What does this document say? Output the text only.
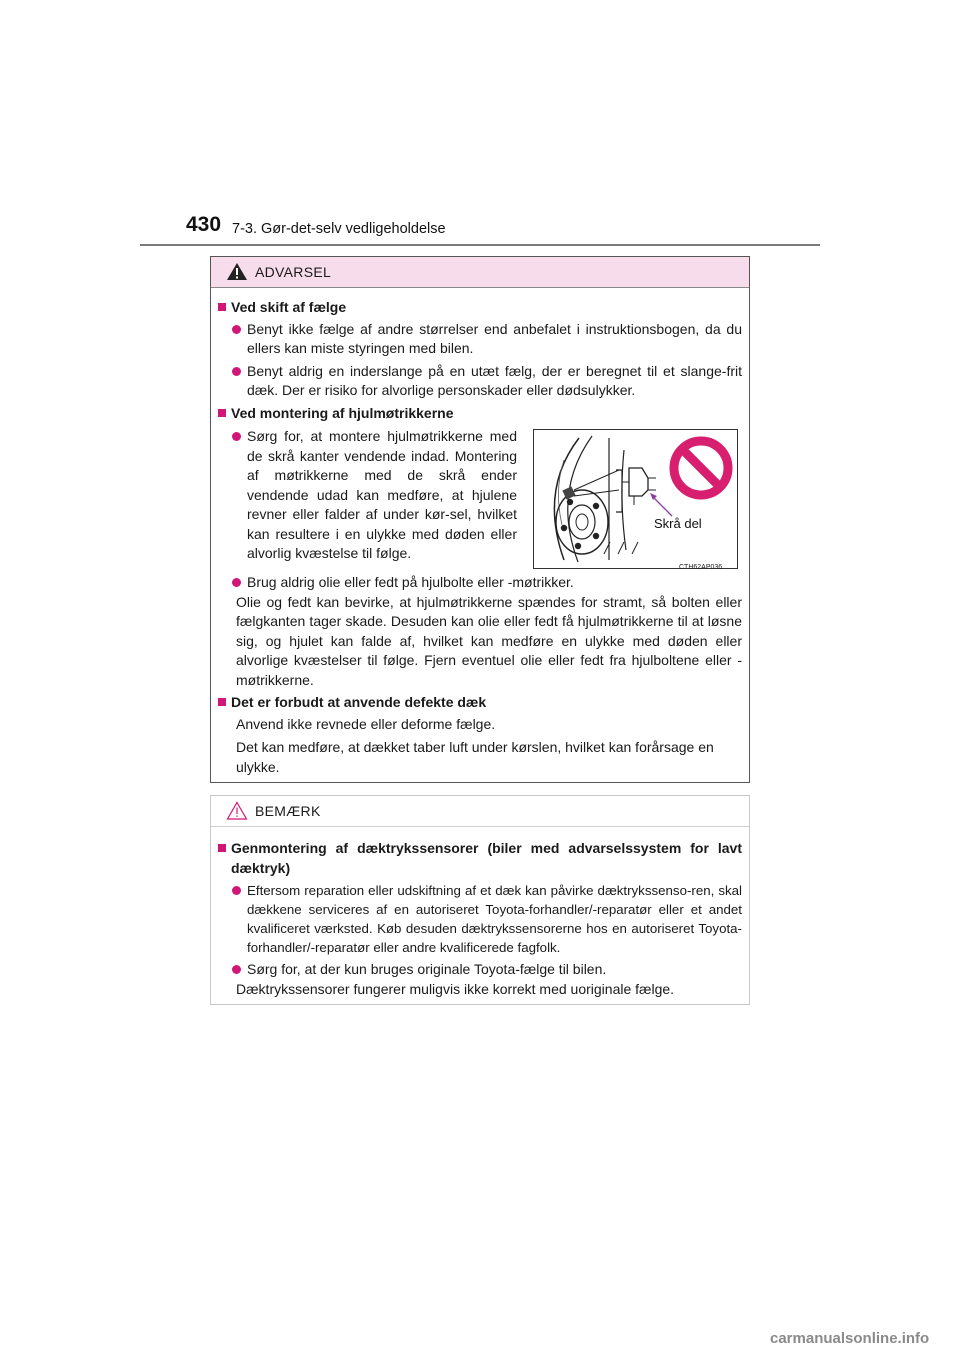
430 7-3. Gør-det-selv vedligeholdelse
ADVARSEL
Ved skift af fælge
Benyt ikke fælge af andre størrelser end anbefalet i instruktionsbogen, da du ellers kan miste styringen med bilen.
Benyt aldrig en inderslange på en utæt fælg, der er beregnet til et slange-frit dæk. Der er risiko for alvorlige personskader eller dødsulykker.
Ved montering af hjulmøtrikkerne
Sørg for, at montere hjulmøtrikkerne med de skrå kanter vendende indad. Montering af møtrikkerne med de skrå ender vendende udad kan medføre, at hjulene revner eller falder af under kør-sel, hvilket kan resultere i en ulykke med døden eller alvorlig kvæstelse til følge.
Skrå del
CTH62AP036
Brug aldrig olie eller fedt på hjulbolte eller -møtrikker.
Olie og fedt kan bevirke, at hjulmøtrikkerne spændes for stramt, så bolten eller fælgkanten tager skade. Desuden kan olie eller fedt få hjulmøtrikkerne til at løsne sig, og hjulet kan falde af, hvilket kan medføre en ulykke med døden eller alvorlige kvæstelser til følge. Fjern eventuel olie eller fedt fra hjulboltene eller -møtrikkerne.
Det er forbudt at anvende defekte dæk
Anvend ikke revnede eller deforme fælge.
Det kan medføre, at dækket taber luft under kørslen, hvilket kan forårsage en ulykke.
BEMÆRK
Genmontering af dæktrykssensorer (biler med advarselssystem for lavt dæktryk)
Eftersom reparation eller udskiftning af et dæk kan påvirke dæktrykssenso-ren, skal dækkene serviceres af en autoriseret Toyota-forhandler/-reparatør eller et andet kvalificeret værksted. Køb desuden dæktrykssensorerne hos en autoriseret Toyota-forhandler/-reparatør eller andre kvalificerede fagfolk.
Sørg for, at der kun bruges originale Toyota-fælge til bilen.
Dæktrykssensorer fungerer muligvis ikke korrekt med uoriginale fælge.
carmanualsonline.info
